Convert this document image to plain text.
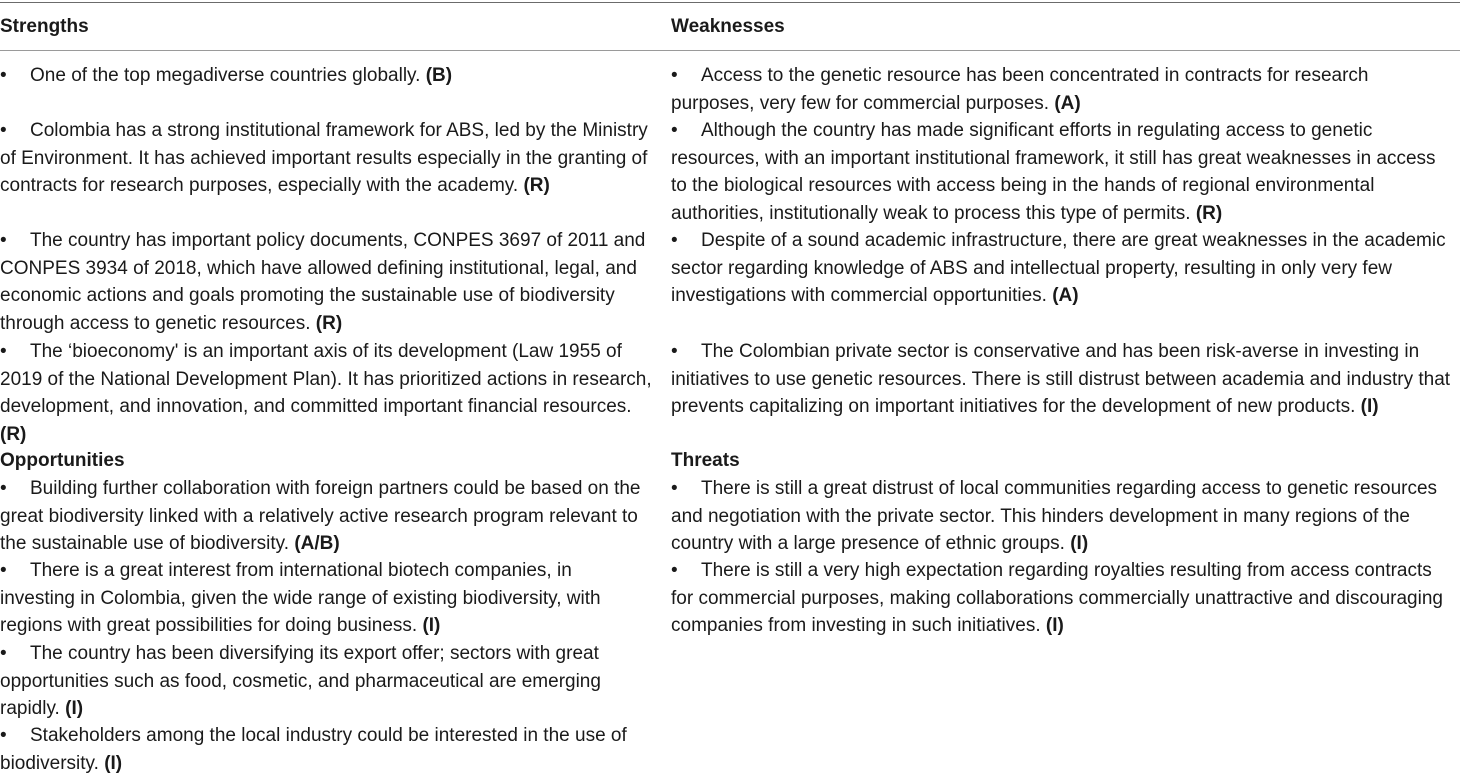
Strengths	Weaknesses

• One of the top megadiverse countries globally. (B)

• Colombia has a strong institutional framework for ABS, led by the Ministry of Environment. It has achieved important results especially in the granting of contracts for research purposes, especially with the academy. (R)

• The country has important policy documents, CONPES 3697 of 2011 and CONPES 3934 of 2018, which have allowed defining institutional, legal, and economic actions and goals promoting the sustainable use of biodiversity through access to genetic resources. (R)

• The ‘bioeconomy' is an important axis of its development (Law 1955 of 2019 of the National Development Plan). It has prioritized actions in research, development, and innovation, and committed important financial resources. (R)

Opportunities

• Building further collaboration with foreign partners could be based on the great biodiversity linked with a relatively active research program relevant to the sustainable use of biodiversity. (A/B)

• There is a great interest from international biotech companies, in investing in Colombia, given the wide range of existing biodiversity, with regions with great possibilities for doing business. (I)

• The country has been diversifying its export offer; sectors with great opportunities such as food, cosmetic, and pharmaceutical are emerging rapidly. (I)

• Stakeholders among the local industry could be interested in the use of biodiversity. (I)

• Access to the genetic resource has been concentrated in contracts for research purposes, very few for commercial purposes. (A)

• Although the country has made significant efforts in regulating access to genetic resources, with an important institutional framework, it still has great weaknesses in access to the biological resources with access being in the hands of regional environmental authorities, institutionally weak to process this type of permits. (R)

• Despite of a sound academic infrastructure, there are great weaknesses in the academic sector regarding knowledge of ABS and intellectual property, resulting in only very few investigations with commercial opportunities. (A)

• The Colombian private sector is conservative and has been risk-averse in investing in initiatives to use genetic resources. There is still distrust between academia and industry that prevents capitalizing on important initiatives for the development of new products. (I)

Threats

• There is still a great distrust of local communities regarding access to genetic resources and negotiation with the private sector. This hinders development in many regions of the country with a large presence of ethnic groups. (I)

• There is still a very high expectation regarding royalties resulting from access contracts for commercial purposes, making collaborations commercially unattractive and discouraging companies from investing in such initiatives. (I)
